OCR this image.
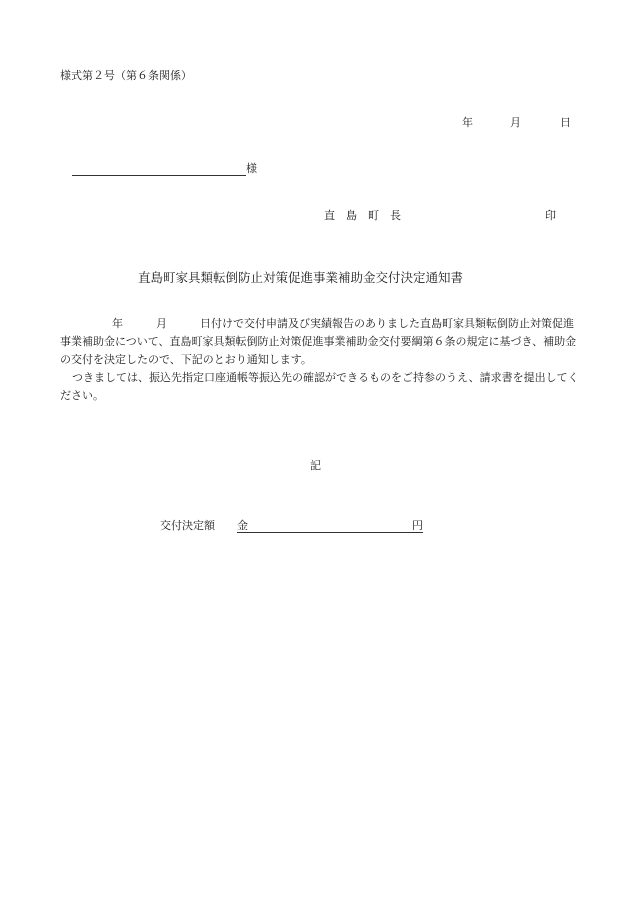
様式第２号（第６条関係）
年	月	日
様
直　島　町　長	印
直島町家具類転倒防止対策促進事業補助金交付決定通知書

年　　　月　　　日付けで交付申請及び実績報告のありました直島町家具類転倒防止対策促進事業補助金について、直島町家具類転倒防止対策促進事業補助金交付要綱第６条の規定に基づき、補助金の交付を決定したので、下記のとおり通知します。

つきましては、振込先指定口座通帳等振込先の確認ができるものをご持参のうえ、請求書を提出してください。

記
交付決定額 金	円
